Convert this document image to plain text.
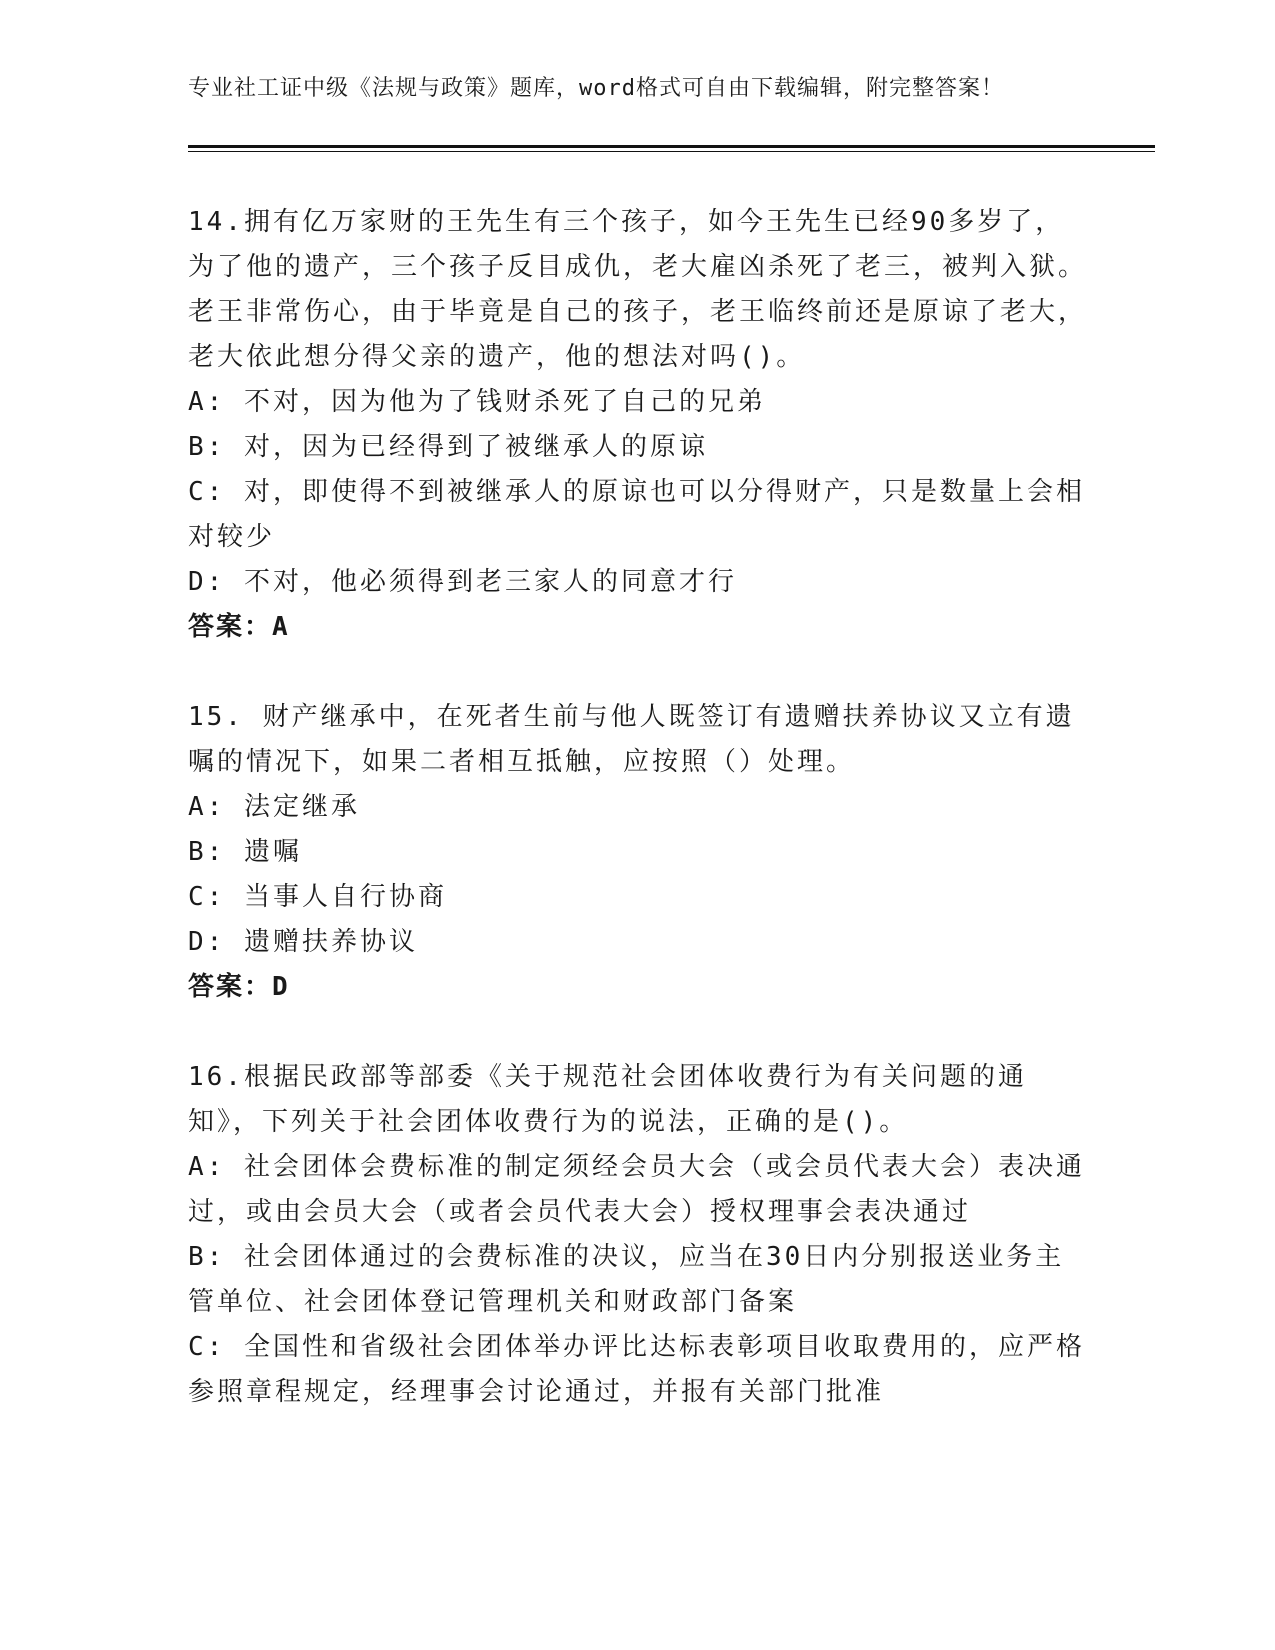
专业社工证中级《法规与政策》题库，word格式可自由下载编辑，附完整答案！

14.拥有亿万家财的王先生有三个孩子，如今王先生已经90多岁了，为了他的遗产，三个孩子反目成仇，老大雇凶杀死了老三，被判入狱。老王非常伤心，由于毕竟是自己的孩子，老王临终前还是原谅了老大，老大依此想分得父亲的遗产，他的想法对吗()。

A: 不对，因为他为了钱财杀死了自己的兄弟

B: 对，因为已经得到了被继承人的原谅

C: 对，即使得不到被继承人的原谅也可以分得财产，只是数量上会相对较少

D: 不对，他必须得到老三家人的同意才行

答案：A

15. 财产继承中，在死者生前与他人既签订有遗赠扶养协议又立有遗嘱的情况下，如果二者相互抵触，应按照（）处理。

A: 法定继承

B: 遗嘱

C: 当事人自行协商

D: 遗赠扶养协议

答案：D

16.根据民政部等部委《关于规范社会团体收费行为有关问题的通知》，下列关于社会团体收费行为的说法，正确的是()。

A: 社会团体会费标准的制定须经会员大会（或会员代表大会）表决通过，或由会员大会（或者会员代表大会）授权理事会表决通过

B: 社会团体通过的会费标准的决议，应当在30日内分别报送业务主管单位、社会团体登记管理机关和财政部门备案

C: 全国性和省级社会团体举办评比达标表彰项目收取费用的，应严格参照章程规定，经理事会讨论通过，并报有关部门批准
